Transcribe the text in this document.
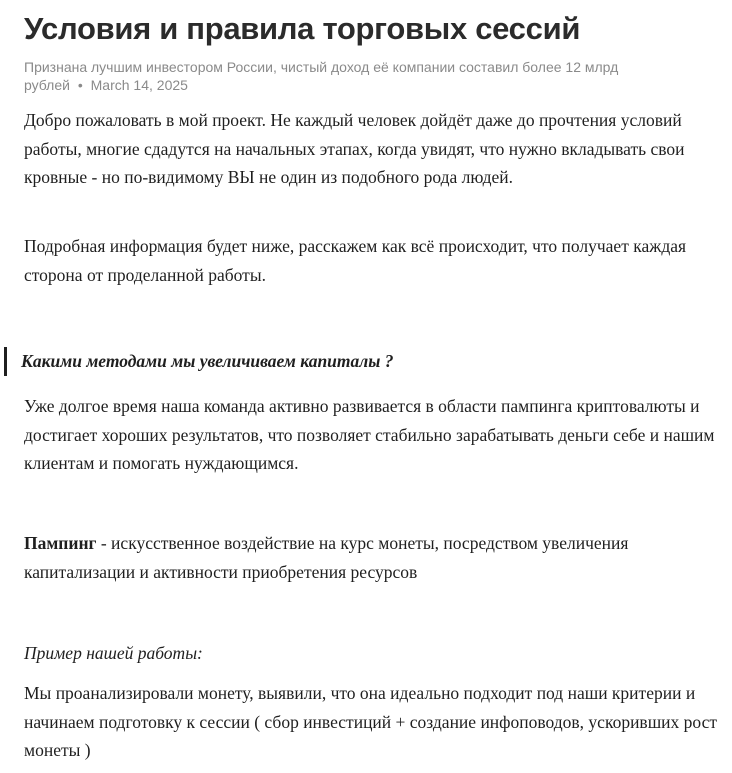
Условия и правила торговых сессий
Признана лучшим инвестором России, чистый доход её компании составил более 12 млрд рублей • March 14, 2025

Добро пожаловать в мой проект. Не каждый человек дойдёт даже до прочтения условий работы, многие сдадутся на начальных этапах, когда увидят, что нужно вкладывать свои кровные - но по-видимому ВЫ не один из подобного рода людей.

Подробная информация будет ниже, расскажем как всё происходит, что получает каждая сторона от проделанной работы.

Какими методами мы увеличиваем капиталы ?

Уже долгое время наша команда активно развивается в области пампинга криптовалюты и достигает хороших результатов, что позволяет стабильно зарабатывать деньги себе и нашим клиентам и помогать нуждающимся.

Пампинг - искусственное воздействие на курс монеты, посредством увеличения капитализации и активности приобретения ресурсов

Пример нашей работы:

Мы проанализировали монету, выявили, что она идеально подходит под наши критерии и начинаем подготовку к сессии ( сбор инвестиций + создание инфоповодов, ускоривших рост монеты )
